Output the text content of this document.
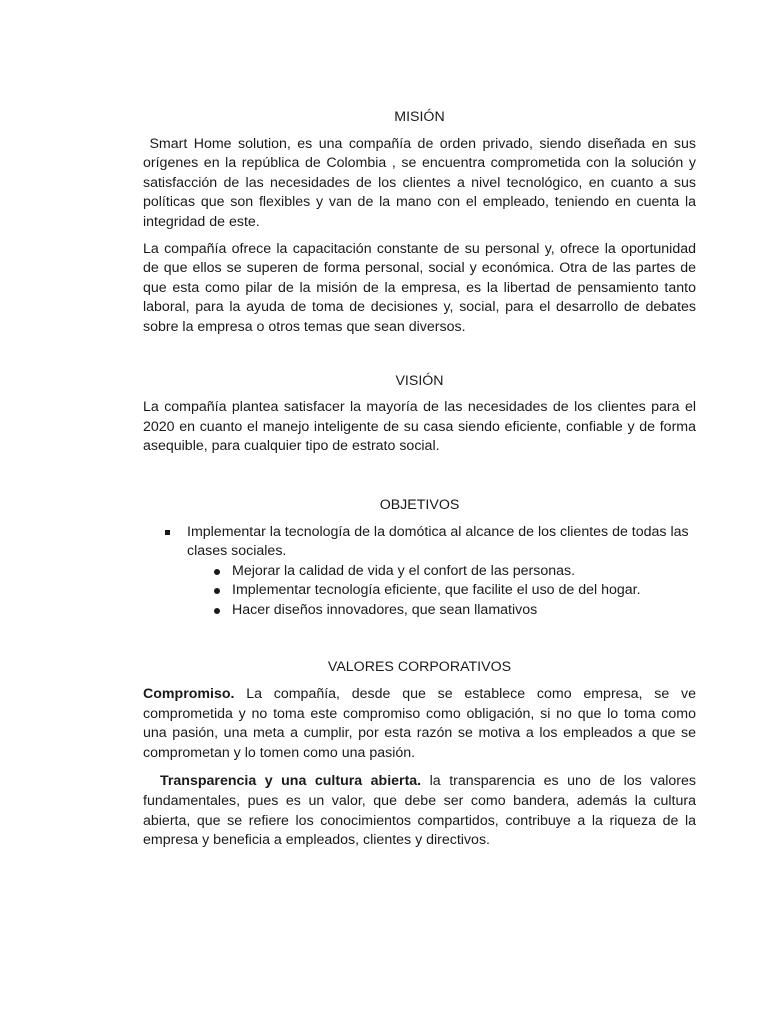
MISIÓN

Smart Home solution, es una compañía de orden privado, siendo diseñada en sus orígenes en la república de Colombia , se encuentra comprometida con la solución y satisfacción de las necesidades de los clientes a nivel tecnológico, en cuanto a sus políticas que son flexibles y van de la mano con el empleado, teniendo en cuenta la integridad de este.

La compañía ofrece la capacitación constante de su personal y, ofrece la oportunidad de que ellos se superen de forma personal, social y económica. Otra de las partes de que esta como pilar de la misión de la empresa, es la libertad de pensamiento tanto laboral, para la ayuda de toma de decisiones y, social, para el desarrollo de debates sobre la empresa o otros temas que sean diversos.

VISIÓN

La compañía plantea satisfacer la mayoría de las necesidades de los clientes para el 2020 en cuanto el manejo inteligente de su casa siendo eficiente, confiable y de forma asequible, para cualquier tipo de estrato social.

OBJETIVOS
Implementar la tecnología de la domótica al alcance de los clientes de todas las clases sociales.
Mejorar la calidad de vida y el confort de las personas.
Implementar tecnología eficiente, que facilite el uso de del hogar.
Hacer diseños innovadores, que sean llamativos
VALORES CORPORATIVOS

Compromiso. La compañía, desde que se establece como empresa, se ve comprometida y no toma este compromiso como obligación, si no que lo toma como una pasión, una meta a cumplir, por esta razón se motiva a los empleados a que se comprometan y lo tomen como una pasión.

Transparencia y una cultura abierta. la transparencia es uno de los valores fundamentales, pues es un valor, que debe ser como bandera, además la cultura abierta, que se refiere los conocimientos compartidos, contribuye a la riqueza de la empresa y beneficia a empleados, clientes y directivos.
